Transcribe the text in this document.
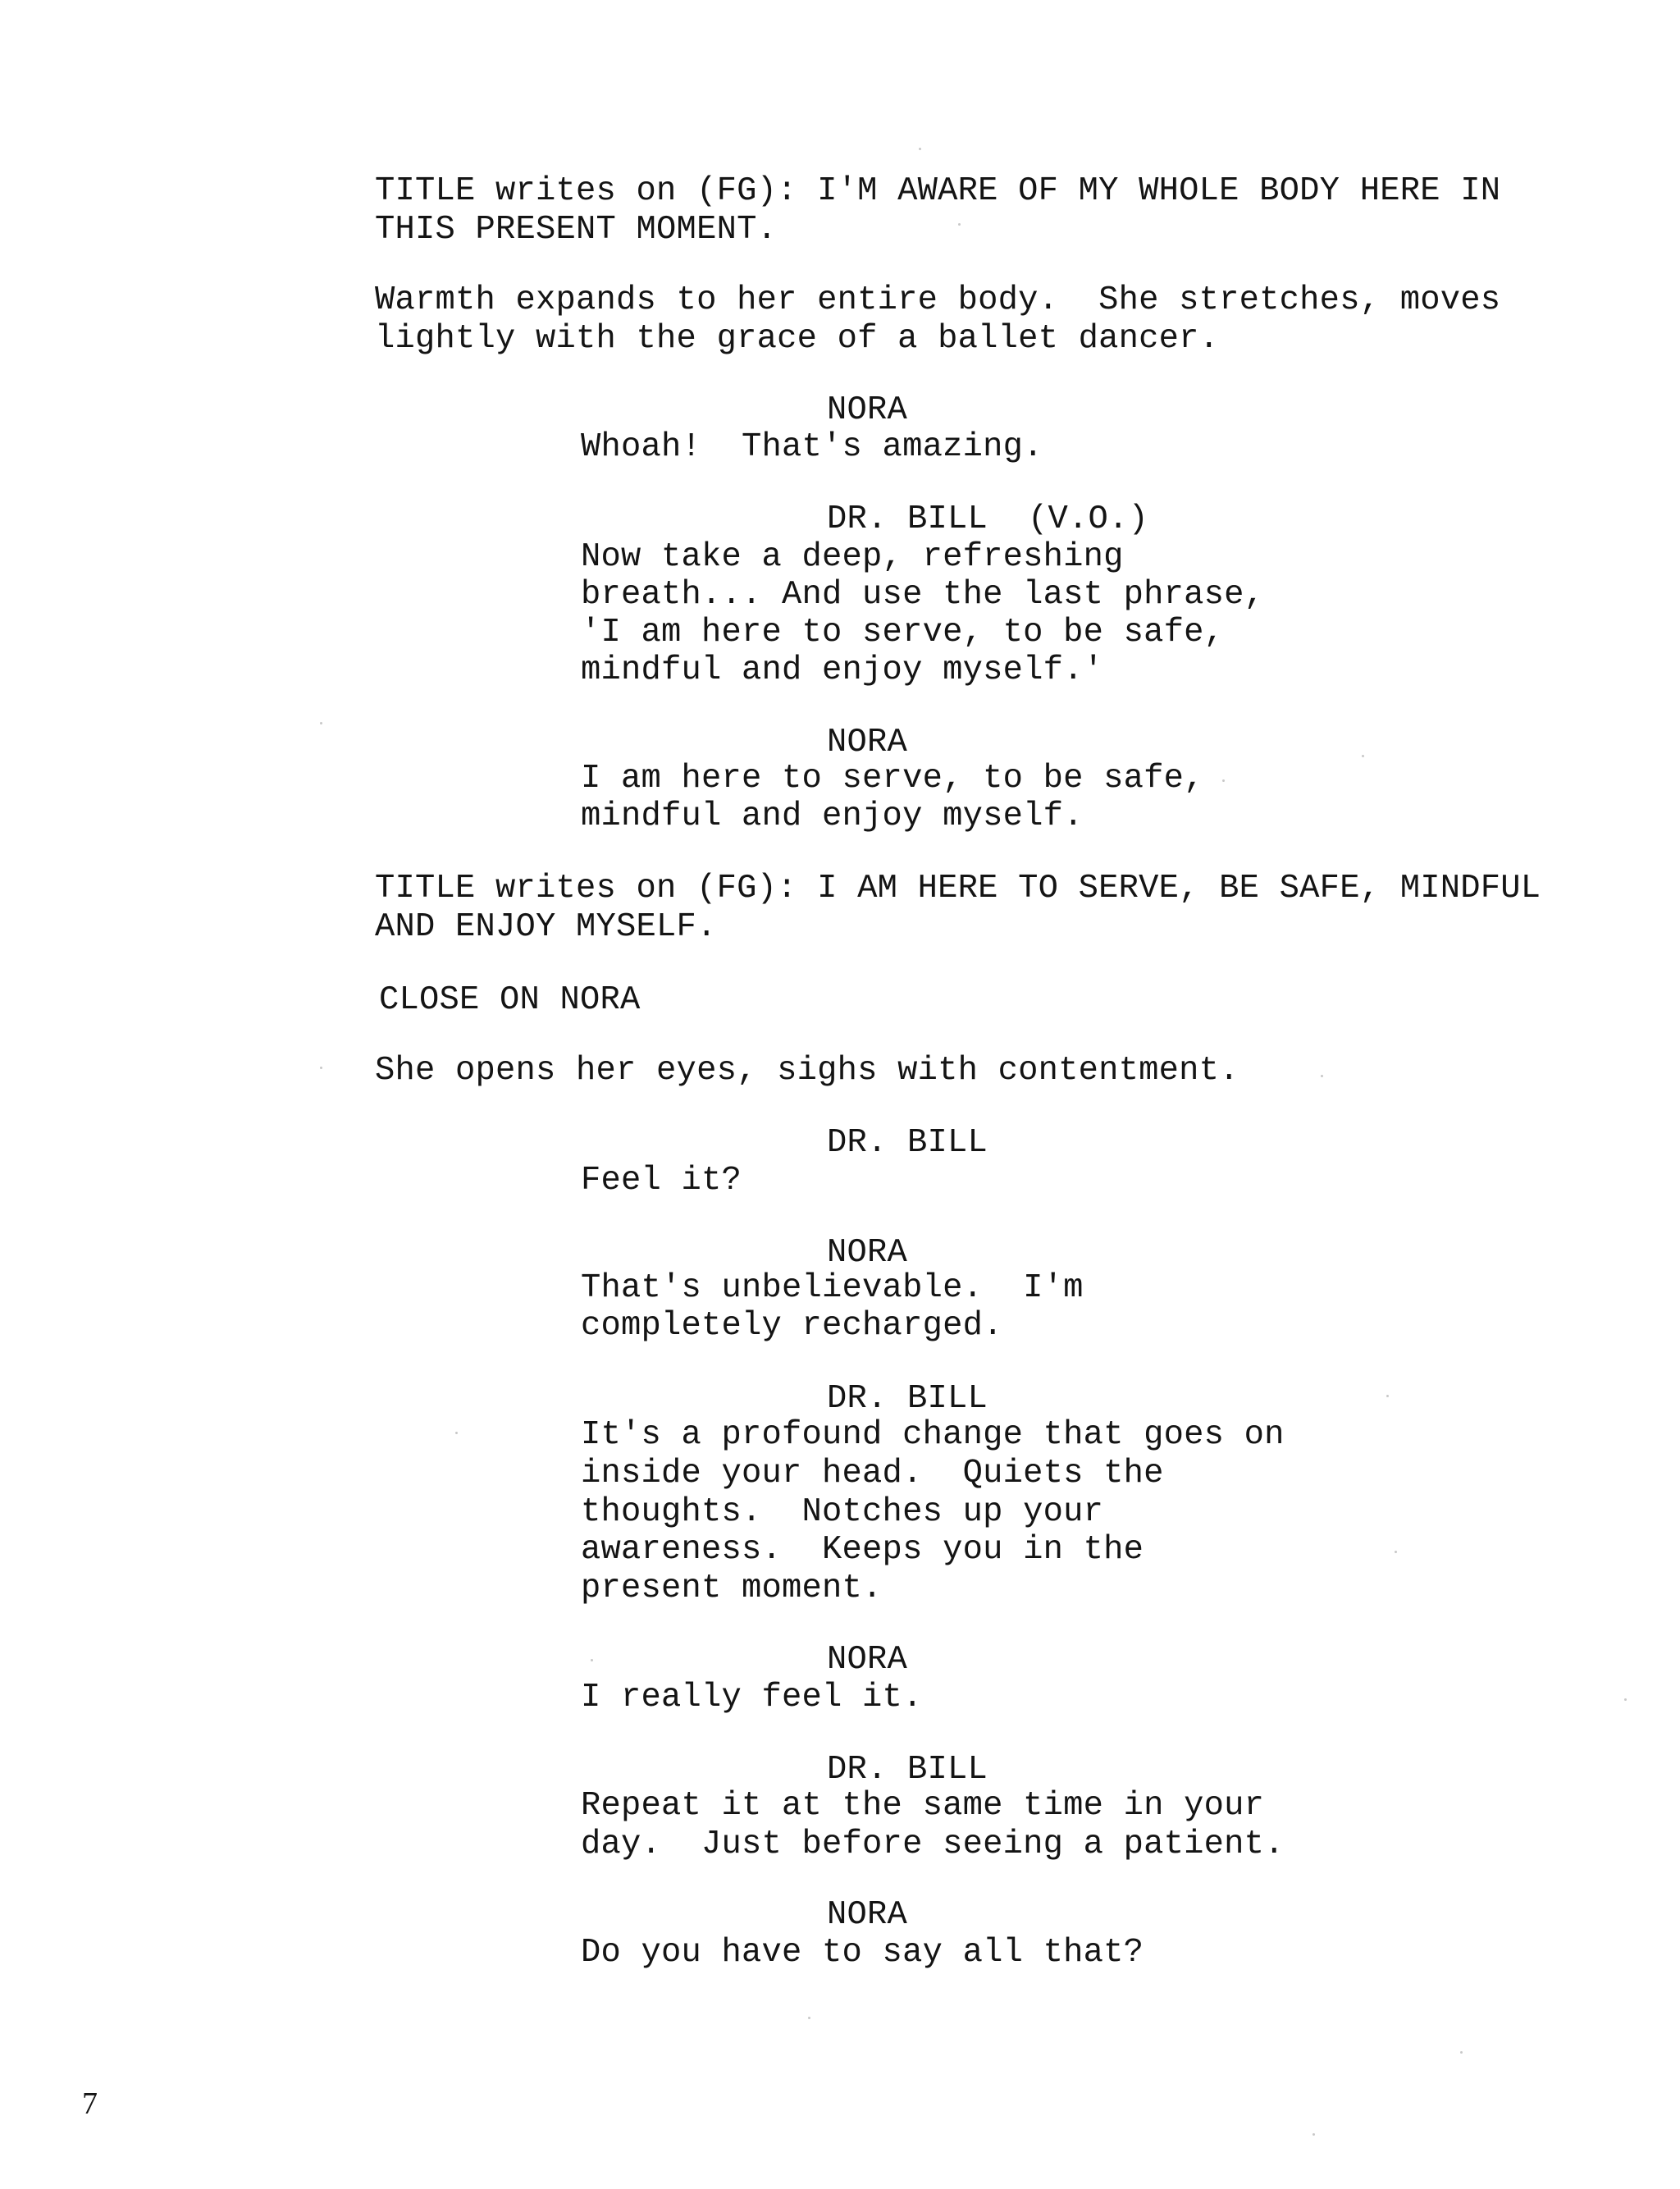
TITLE writes on (FG): I'M AWARE OF MY WHOLE BODY HERE IN
THIS PRESENT MOMENT.
Warmth expands to her entire body.  She stretches, moves
lightly with the grace of a ballet dancer.
NORA
Whoah!  That's amazing.
DR. BILL  (V.O.)
Now take a deep, refreshing
breath... And use the last phrase,
'I am here to serve, to be safe,
mindful and enjoy myself.'
NORA
I am here to serve, to be safe,
mindful and enjoy myself.
TITLE writes on (FG): I AM HERE TO SERVE, BE SAFE, MINDFUL
AND ENJOY MYSELF.
CLOSE ON NORA
She opens her eyes, sighs with contentment.
DR. BILL
Feel it?
NORA
That's unbelievable.  I'm
completely recharged.
DR. BILL
It's a profound change that goes on
inside your head.  Quiets the
thoughts.  Notches up your
awareness.  Keeps you in the
present moment.
NORA
I really feel it.
DR. BILL
Repeat it at the same time in your
day.  Just before seeing a patient.
NORA
Do you have to say all that?
7
